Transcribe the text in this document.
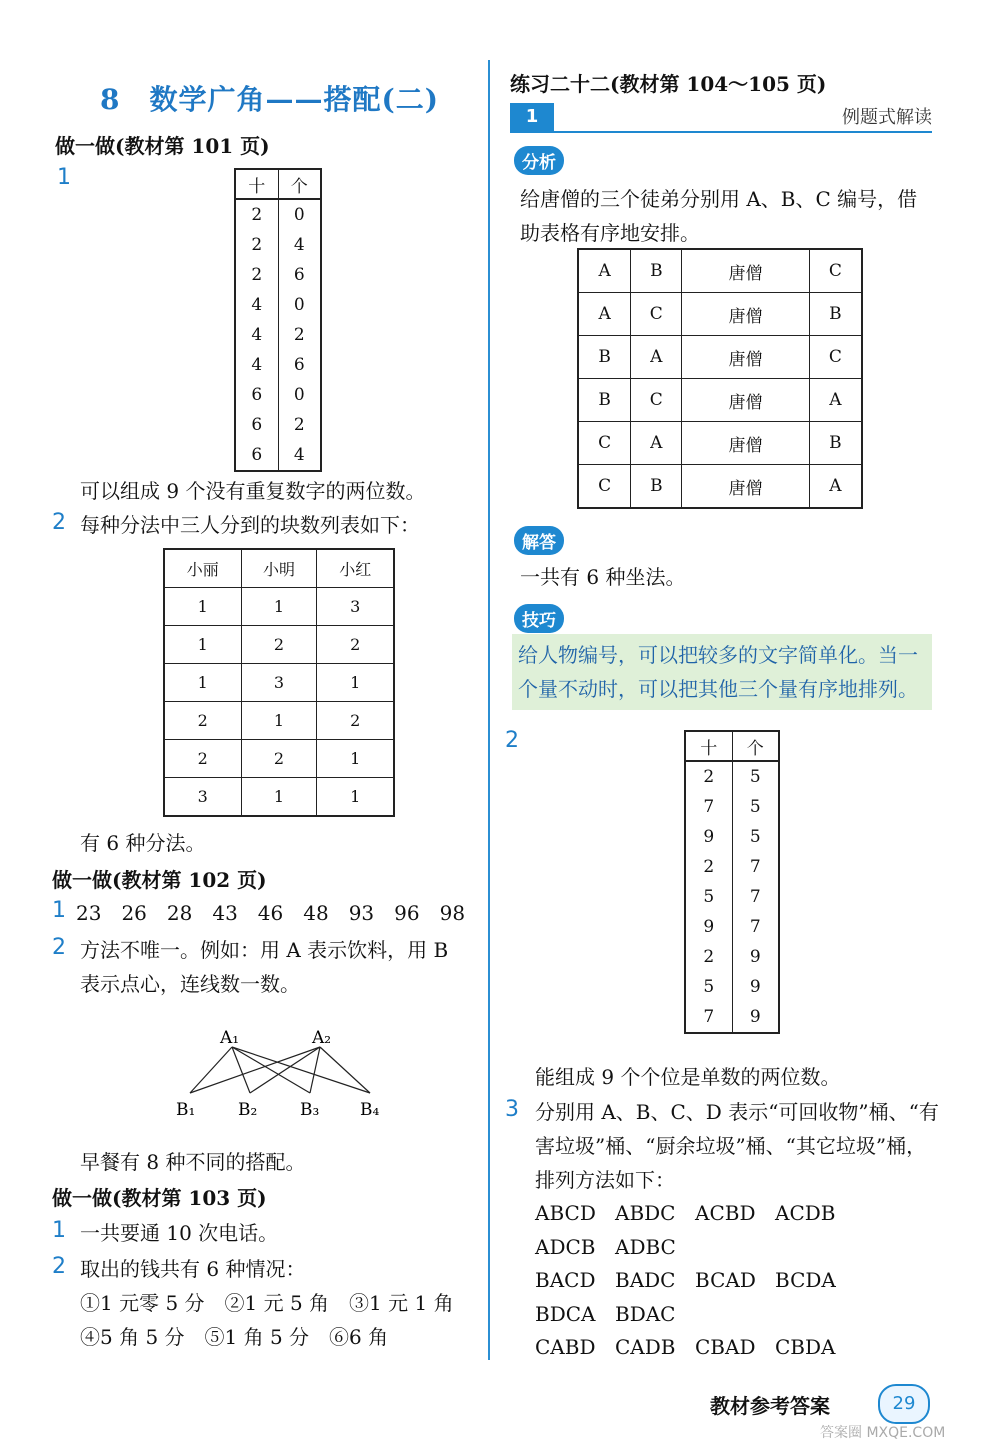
8　数学广角——搭配(二)
做一做(教材第 101 页)
1	十	个
2	0
2	4
2	6
4	0
4	2
4	6
6	0
6	2
6	4
可以组成 9 个没有重复数字的两位数。
2 每种分法中三人分到的块数列表如下：
小丽	小明	小红
1	1	3
1	2	2
1	3	1
2	1	2
2	2	1
3	1	1
有 6 种分法。
做一做(教材第 102 页)
1 23　26　28　43　46　48　93　96　98
2 方法不唯一。例如：用 A 表示饮料，用 B
表示点心，连线数一数。
A₁	A₂
B₁	B₂	B₃ B₄
早餐有 8 种不同的搭配。
做一做(教材第 103 页)
1 一共要通 10 次电话。
2 取出的钱共有 6 种情况：
①1 元零 5 分　②1 元 5 角　③1 元 1 角
④5 角 5 分　⑤1 角 5 分　⑥6 角
练习二十二(教材第 104～105 页)
1	例题式解读
分析
给唐僧的三个徒弟分别用 A、B、C 编号，借
助表格有序地安排。
A	B	唐僧	C
A	C	唐僧	B
B	A	唐僧	C
B	C	唐僧	A
C	A	唐僧	B
C	B	唐僧	A
解答
一共有 6 种坐法。
技巧
给人物编号，可以把较多的文字简单化。当一
个量不动时，可以把其他三个量有序地排列。
2	十	个
2	5
7	5
9	5
2	7
5	7
9	7
2	9
5	9
7	9
能组成 9 个个位是单数的两位数。
3 分别用 A、B、C、D 表示“可回收物”桶、“有
害垃圾”桶、“厨余垃圾”桶、“其它垃圾”桶，
排列方法如下：
ABCD ABDC ACBD ACDB
ADCB ADBC
BACD BADC BCAD BCDA
BDCA BDAC
CABD CADB CBAD CBDA
教材参考答案	29
答案圈 MXQE.COM
